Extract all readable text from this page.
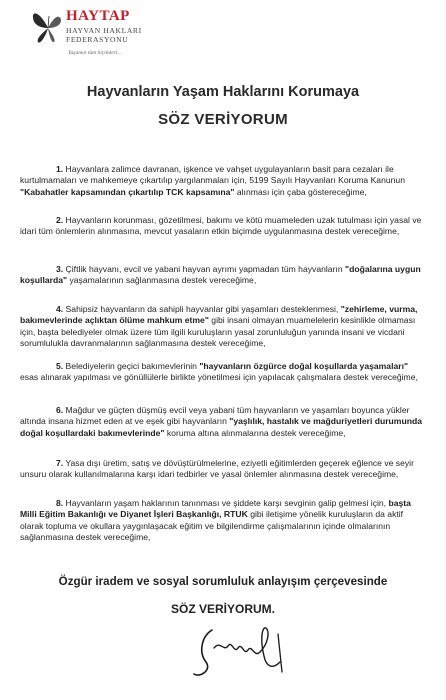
HAYTAP
HAYVAN HAKLARI
FEDERASYONU
Yaşamın tüm biçimleri...
Hayvanların Yaşam Haklarını Korumaya
SÖZ VERİYORUM

1. Hayvanlara zalimce davranan, işkence ve vahşet uygulayanların basit para cezaları ile kurtulmamaları ve mahkemeye çıkartılıp yargılanmaları için, 5199 Sayılı Hayvanları Koruma Kanunun "Kabahatler kapsamından çıkartılıp TCK kapsamına" alınması için çaba göstereceğime,

2. Hayvanların korunması, gözetilmesi, bakımı ve kötü muameleden uzak tutulması için yasal ve idari tüm önlemlerin alınmasına, mevcut yasaların etkin biçimde uygulanmasına destek vereceğime,

3. Çiftlik hayvanı, evcil ve yabani hayvan ayrımı yapmadan tüm hayvanların "doğalarına uygun koşullarda" yaşamalarının sağlanmasına destek vereceğime,

4. Sahipsiz hayvanların da sahipli hayvanlar gibi yaşamları desteklenmesi, "zehirleme, vurma, bakımevlerinde açlıktan ölüme mahkum etme" gibi insani olmayan muamelelerin kesinlikle olmaması için, başta belediyeler olmak üzere tüm ilgili kuruluşların yasal zorunluluğun yanında insani ve vicdani sorumlulukla davranmalarının sağlanmasına destek vereceğime,

5. Belediyelerin geçici bakımevlerinin "hayvanların özgürce doğal koşullarda yaşamaları" esas alınarak yapılması ve gönüllülerle birlikte yönetilmesi için yapılacak çalışmalara destek vereceğime,

6. Mağdur ve güçten düşmüş evcil veya yabani tüm hayvanların ve yaşamları boyunca yükler altında insana hizmet eden at ve eşek gibi hayvanların "yaşlılık, hastalık ve mağduriyetleri durumunda doğal koşullardaki bakımevlerinde" koruma altına alınmalarına destek vereceğime,

7. Yasa dışı üretim, satış ve dövüştürülmelerine, eziyetli eğitimlerden geçerek eğlence ve seyir unsuru olarak kullanılmalarına karşı idari tedbirler ve yasal önlemler alınmasına destek vereceğime,

8. Hayvanların yaşam haklarının tanınması ve şiddete karşı sevginin galip gelmesi için, başta Milli Eğitim Bakanlığı ve Diyanet İşleri Başkanlığı, RTUK gibi iletişime yönelik kuruluşların da aktif olarak topluma ve okullara yaygınlaşacak eğitim ve bilgilendirme çalışmalarının içinde olmalarının sağlanmasına destek vereceğime,

Özgür iradem ve sosyal sorumluluk anlayışım çerçevesinde
SÖZ VERİYORUM.
